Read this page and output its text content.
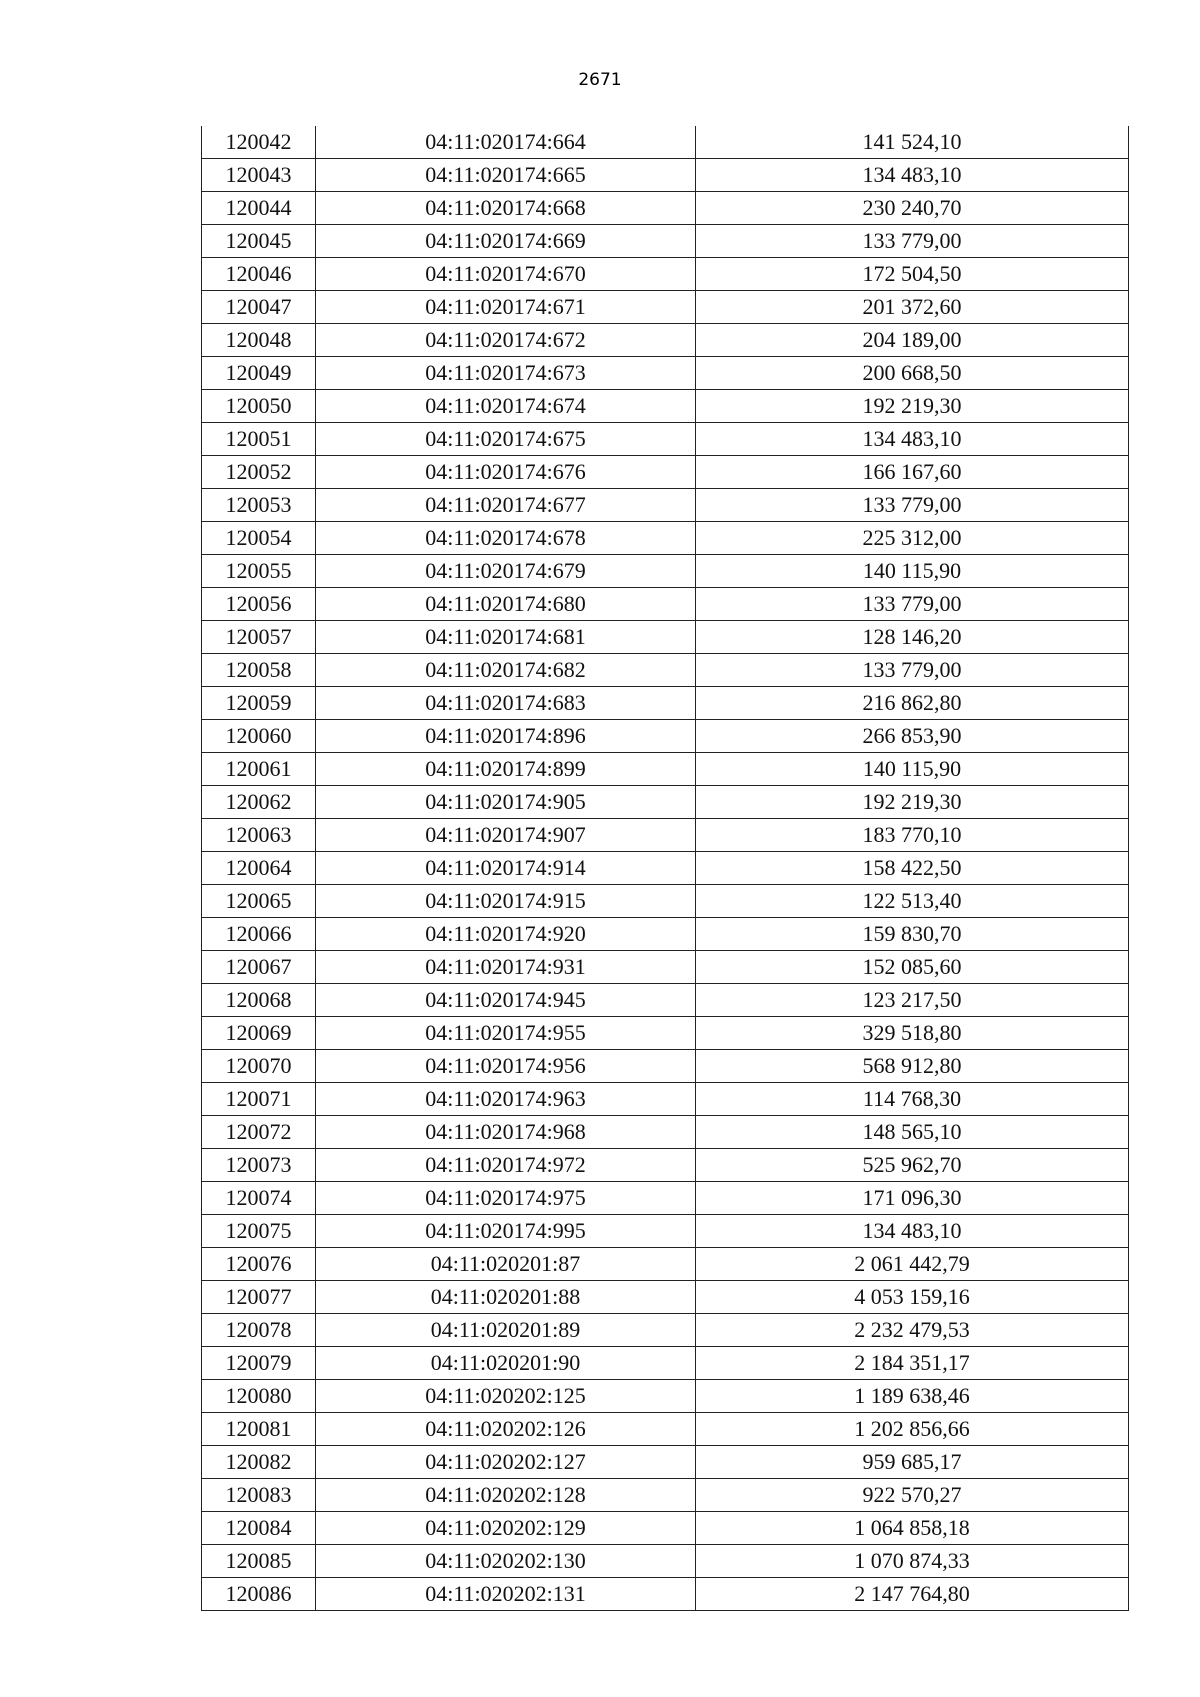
2671
120042	04:11:020174:664	141 524,10
120043	04:11:020174:665	134 483,10
120044	04:11:020174:668	230 240,70
120045	04:11:020174:669	133 779,00
120046	04:11:020174:670	172 504,50
120047	04:11:020174:671	201 372,60
120048	04:11:020174:672	204 189,00
120049	04:11:020174:673	200 668,50
120050	04:11:020174:674	192 219,30
120051	04:11:020174:675	134 483,10
120052	04:11:020174:676	166 167,60
120053	04:11:020174:677	133 779,00
120054	04:11:020174:678	225 312,00
120055	04:11:020174:679	140 115,90
120056	04:11:020174:680	133 779,00
120057	04:11:020174:681	128 146,20
120058	04:11:020174:682	133 779,00
120059	04:11:020174:683	216 862,80
120060	04:11:020174:896	266 853,90
120061	04:11:020174:899	140 115,90
120062	04:11:020174:905	192 219,30
120063	04:11:020174:907	183 770,10
120064	04:11:020174:914	158 422,50
120065	04:11:020174:915	122 513,40
120066	04:11:020174:920	159 830,70
120067	04:11:020174:931	152 085,60
120068	04:11:020174:945	123 217,50
120069	04:11:020174:955	329 518,80
120070	04:11:020174:956	568 912,80
120071	04:11:020174:963	114 768,30
120072	04:11:020174:968	148 565,10
120073	04:11:020174:972	525 962,70
120074	04:11:020174:975	171 096,30
120075	04:11:020174:995	134 483,10
120076	04:11:020201:87	2 061 442,79
120077	04:11:020201:88	4 053 159,16
120078	04:11:020201:89	2 232 479,53
120079	04:11:020201:90	2 184 351,17
120080	04:11:020202:125	1 189 638,46
120081	04:11:020202:126	1 202 856,66
120082	04:11:020202:127	959 685,17
120083	04:11:020202:128	922 570,27
120084	04:11:020202:129	1 064 858,18
120085	04:11:020202:130	1 070 874,33
120086	04:11:020202:131	2 147 764,80
